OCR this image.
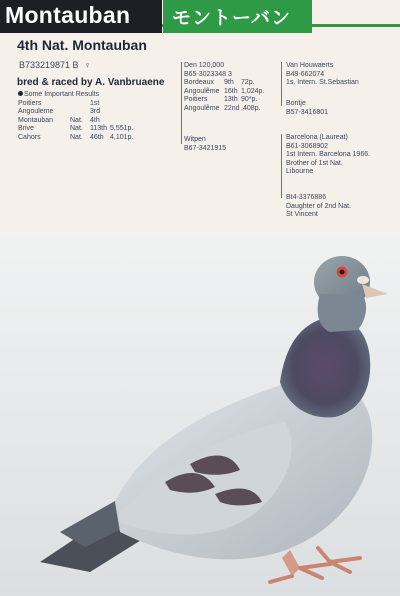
Montauban モントーバン
4th Nat. Montauban
B733219871 B ♀
bred & raced by A. Vanbruaene
Some Important Results
Poitiers	1st
Angouleme	3rd
Montauban Nat. 4th
Brive	Nat. 113th 5,551p.
Cahors	Nat. 46th 4,101p.
Den 120,000
B65-3023348 3
Bordeaux 9th 72p.
Angoulême 16th 1,024p.
Poitiers 13th 90*p.
Angoulême 22nd,408p.
Witpen
B67-3421915
Van Houwaerts
B49-662074
1s. Intern. St.Sebastian
Bontje
B57-3416801
Barcelona (Laureat)
B61-3068902
1st Intern. Barcelona 1966.
Brother of 1st Nat.
Libourne
Bt4-3376886
Daughter of 2nd Nat.
St Vincent
